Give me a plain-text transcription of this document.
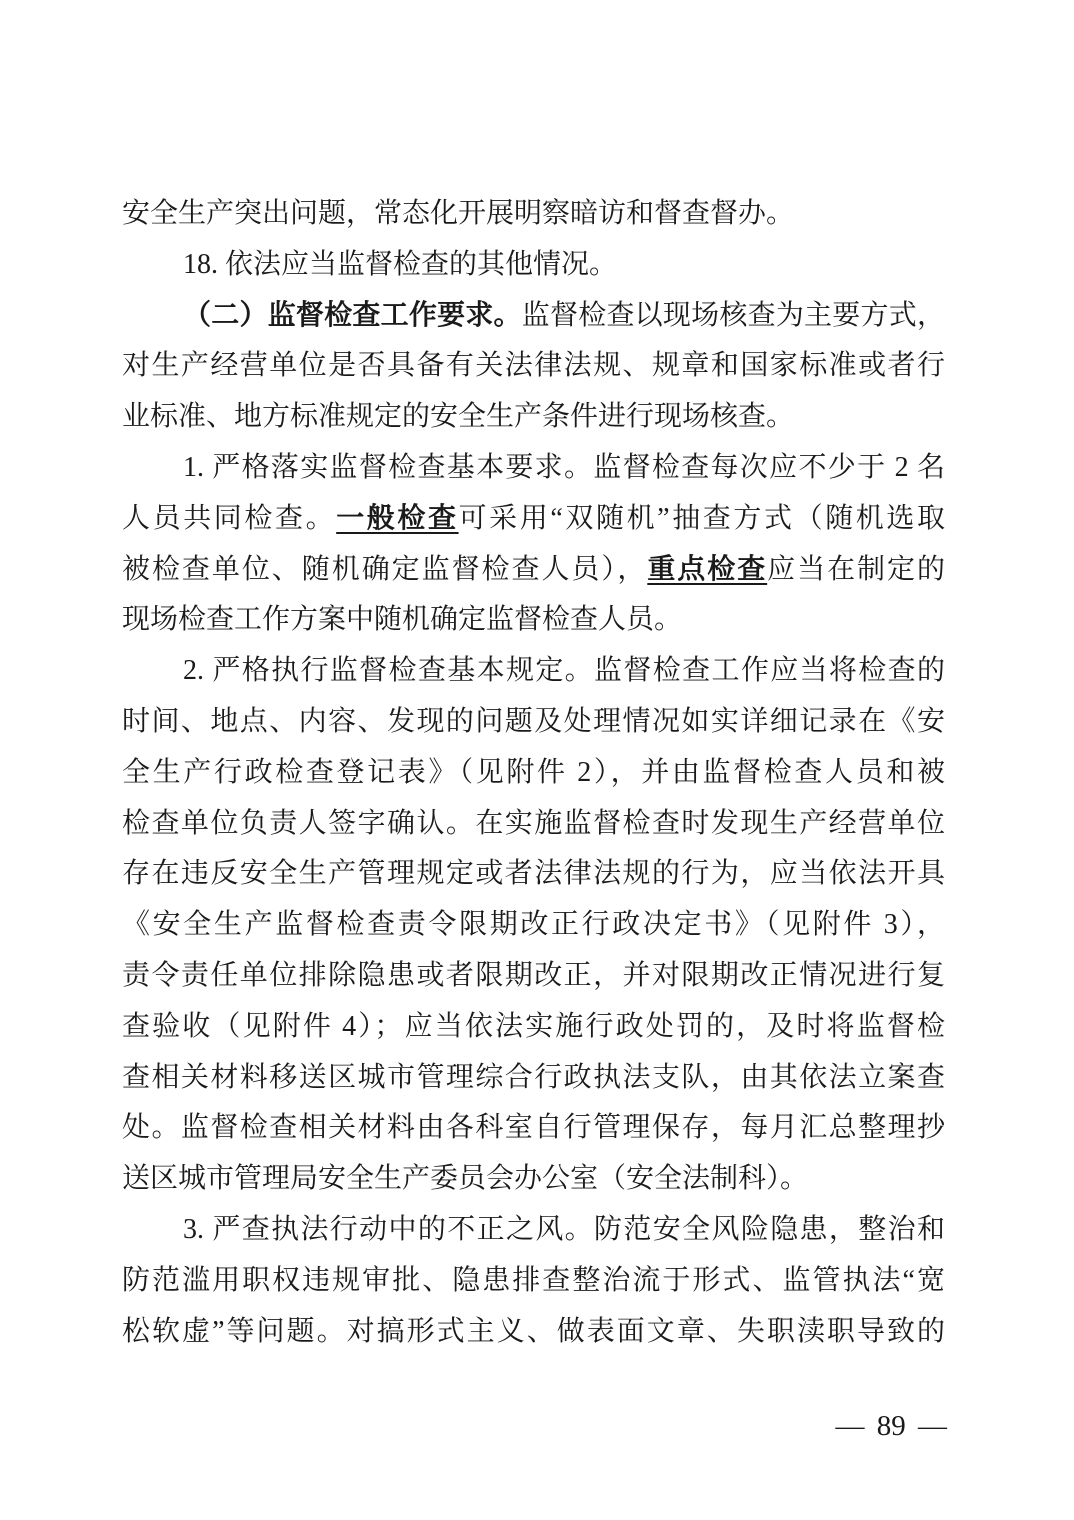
安全生产突出问题，常态化开展明察暗访和督查督办。
18. 依法应当监督检查的其他情况。
（二）监督检查工作要求。监督检查以现场核查为主要方式，
对生产经营单位是否具备有关法律法规、规章和国家标准或者行
业标准、地方标准规定的安全生产条件进行现场核查。
1. 严格落实监督检查基本要求。监督检查每次应不少于 2 名
人员共同检查。一般检查可采用“双随机”抽查方式（随机选取
被检查单位、随机确定监督检查人员），重点检查应当在制定的
现场检查工作方案中随机确定监督检查人员。
2. 严格执行监督检查基本规定。监督检查工作应当将检查的
时间、地点、内容、发现的问题及处理情况如实详细记录在《安
全生产行政检查登记表》（见附件 2），并由监督检查人员和被
检查单位负责人签字确认。在实施监督检查时发现生产经营单位
存在违反安全生产管理规定或者法律法规的行为，应当依法开具
《安全生产监督检查责令限期改正行政决定书》（见附件 3），
责令责任单位排除隐患或者限期改正，并对限期改正情况进行复
查验收（见附件 4）；应当依法实施行政处罚的，及时将监督检
查相关材料移送区城市管理综合行政执法支队，由其依法立案查
处。监督检查相关材料由各科室自行管理保存，每月汇总整理抄
送区城市管理局安全生产委员会办公室（安全法制科）。
3. 严查执法行动中的不正之风。防范安全风险隐患，整治和
防范滥用职权违规审批、隐患排查整治流于形式、监管执法“宽
松软虚”等问题。对搞形式主义、做表面文章、失职渎职导致的
— 89 —
